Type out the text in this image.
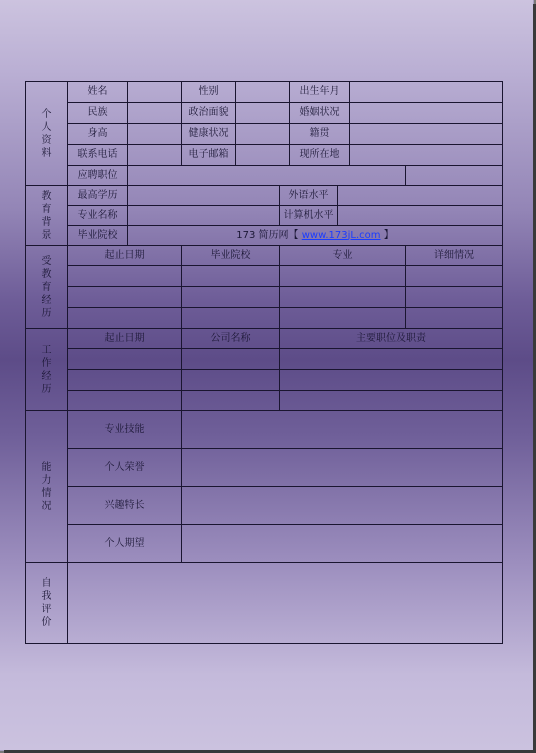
个人资料	姓名		性别			出生年月		
	民族		政治面貌			婚姻状况				
	身高		健康状况			籍贯				
	联系电话		电子邮箱			现所在地				
	应聘职位									
教育背景	最高学历				外语水平					
	专业名称				计算机水平					
	毕业院校	173 简历网【 www.173jL.com 】								
受教育经历	起止日期		毕业院校		专业				详细情况	

工作经历	起止日期		公司名称		主要职位及职责					

能力情况	专业技能									
	个人荣誉									
	兴趣特长									
	个人期望									
自我评价										
